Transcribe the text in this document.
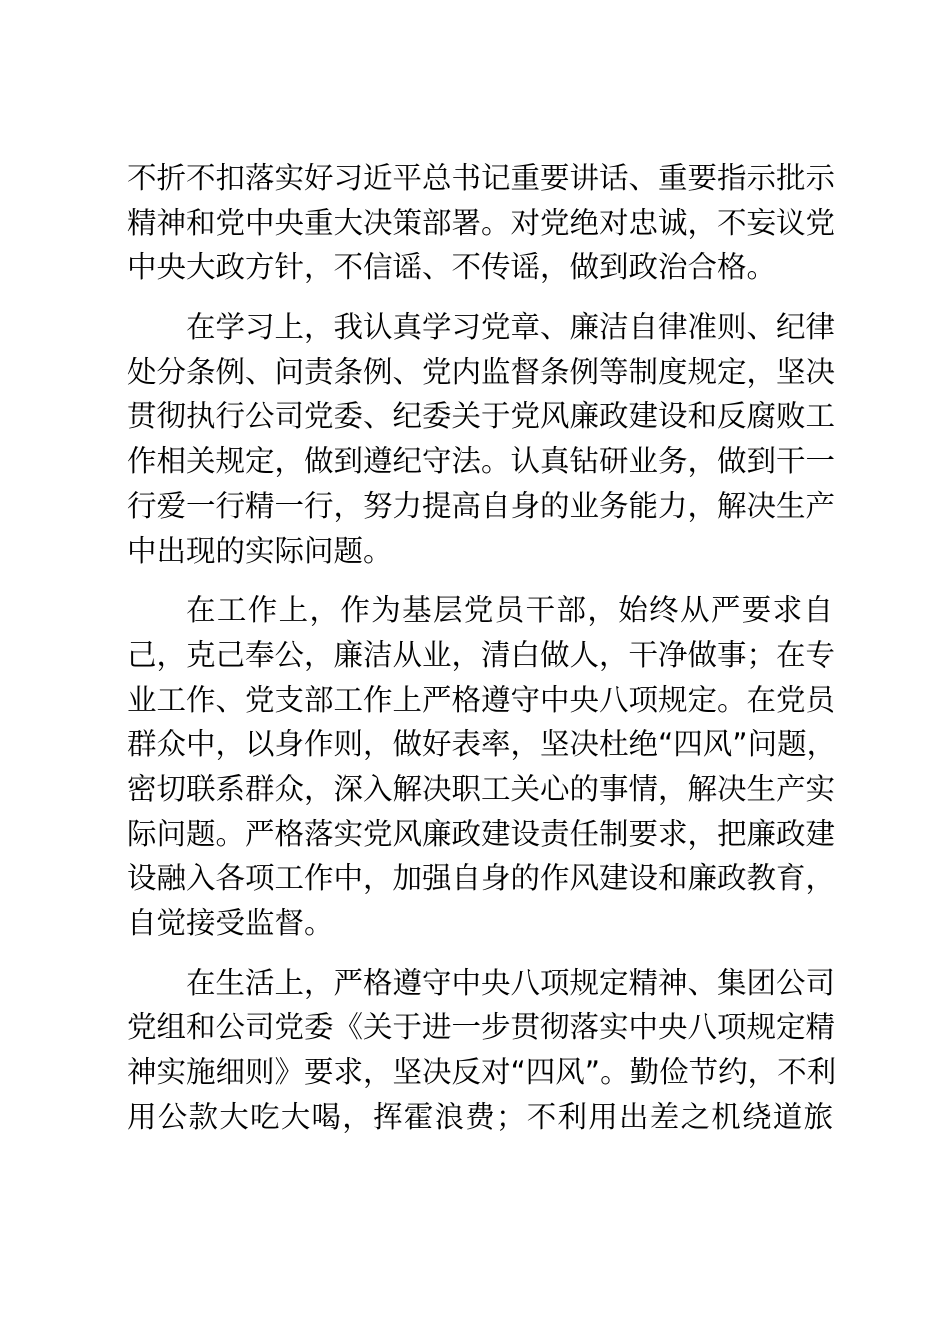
不折不扣落实好习近平总书记重要讲话、重要指示批示
精神和党中央重大决策部署。对党绝对忠诚，不妄议党
中央大政方针，不信谣、不传谣，做到政治合格。
在学习上，我认真学习党章、廉洁自律准则、纪律
处分条例、问责条例、党内监督条例等制度规定，坚决
贯彻执行公司党委、纪委关于党风廉政建设和反腐败工
作相关规定，做到遵纪守法。认真钻研业务，做到干一
行爱一行精一行，努力提高自身的业务能力，解决生产
中出现的实际问题。
在工作上，作为基层党员干部，始终从严要求自
己，克己奉公，廉洁从业，清白做人，干净做事；在专
业工作、党支部工作上严格遵守中央八项规定。在党员
群众中，以身作则，做好表率，坚决杜绝“四风”问题，
密切联系群众，深入解决职工关心的事情，解决生产实
际问题。严格落实党风廉政建设责任制要求，把廉政建
设融入各项工作中，加强自身的作风建设和廉政教育，
自觉接受监督。
在生活上，严格遵守中央八项规定精神、集团公司
党组和公司党委《关于进一步贯彻落实中央八项规定精
神实施细则》要求，坚决反对“四风”。勤俭节约，不利
用公款大吃大喝，挥霍浪费；不利用出差之机绕道旅
